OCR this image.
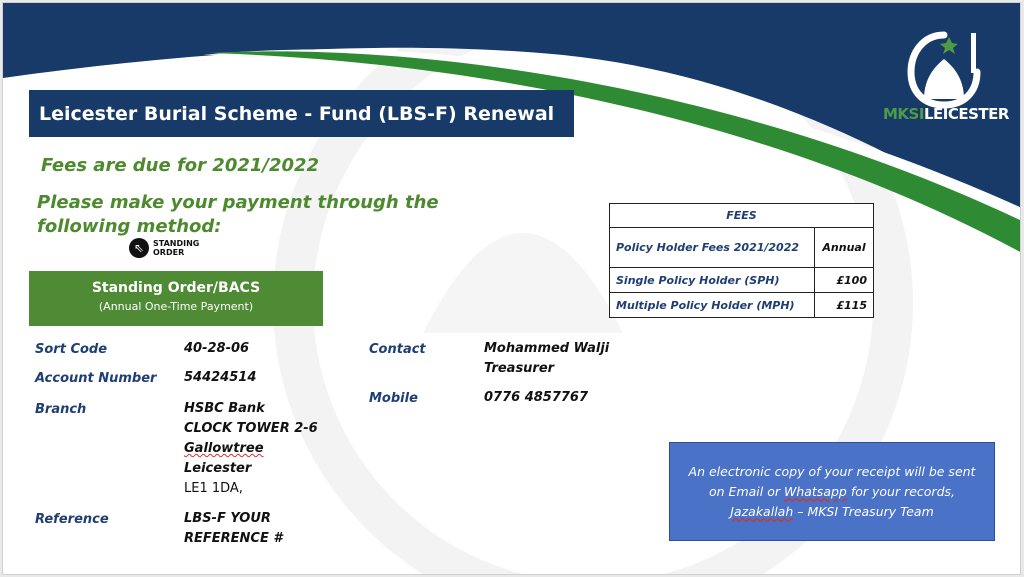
MKSILEICESTER
Leicester Burial Scheme - Fund (LBS-F) Renewal
Fees are due for 2021/2022
Please make your payment through the following method:
⇖	STANDING
ORDER
Standing Order/BACS
(Annual One-Time Payment)
Sort Code	40-28-06
Account Number 54424514
Branch	HSBC Bank
CLOCK TOWER 2-6
Gallowtree
Leicester
LE1 1DA,
Reference	LBS-F YOUR
REFERENCE #
Contact	Mohammed Walji
Treasurer
Mobile	0776 4857767
FEES	
Policy Holder Fees 2021/2022	Annual
Single Policy Holder (SPH)	£100
Multiple Policy Holder (MPH)	£115
An electronic copy of your receipt will be sent on Email or Whatsapp for your records, Jazakallah – MKSI Treasury Team
